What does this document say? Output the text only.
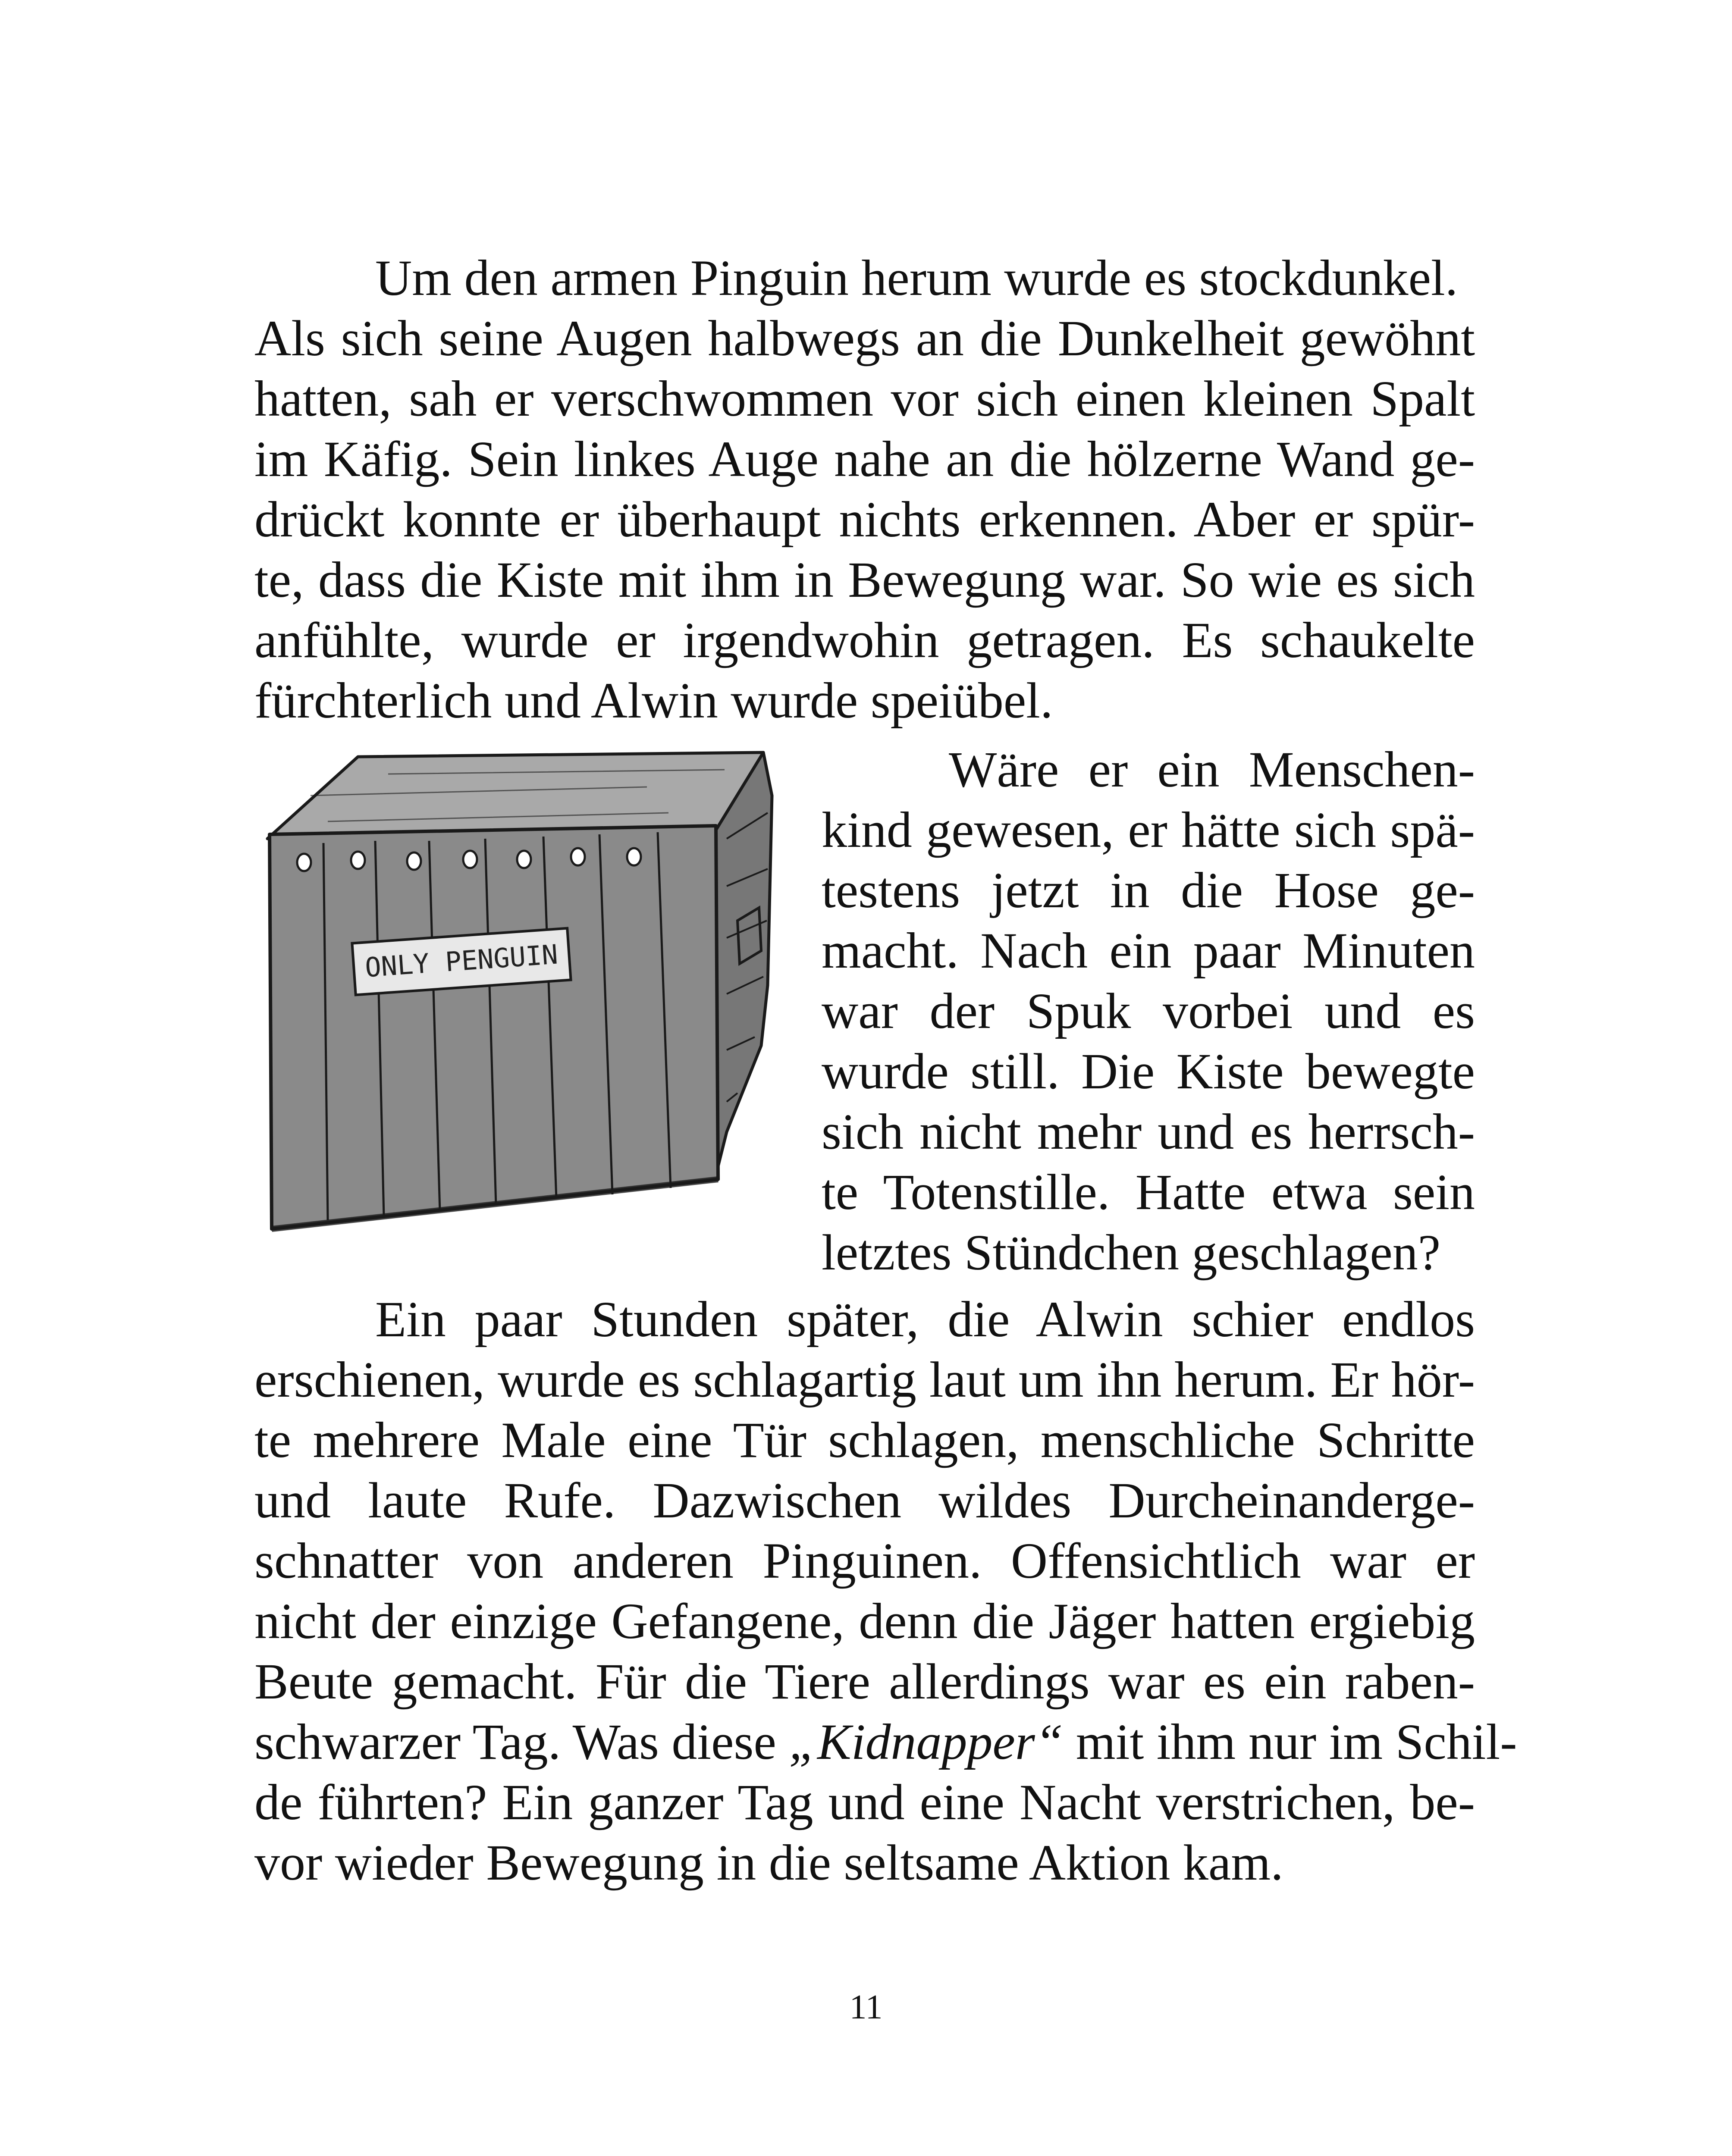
Um den armen Pinguin herum wurde es stockdunkel.
Als sich seine Augen halbwegs an die Dunkelheit gewöhnt
hatten, sah er verschwommen vor sich einen kleinen Spalt
im Käfig. Sein linkes Auge nahe an die hölzerne Wand ge-
drückt konnte er überhaupt nichts erkennen. Aber er spür-
te, dass die Kiste mit ihm in Bewegung war. So wie es sich
anfühlte, wurde er irgendwohin getragen. Es schaukelte
fürchterlich und Alwin wurde speiübel.
ONLY PENGUIN
Wäre er ein Menschen-
kind gewesen, er hätte sich spä-
testens jetzt in die Hose ge-
macht. Nach ein paar Minuten
war der Spuk vorbei und es
wurde still. Die Kiste bewegte
sich nicht mehr und es herrsch-
te Totenstille. Hatte etwa sein
letztes Stündchen geschlagen?
Ein paar Stunden später, die Alwin schier endlos
erschienen, wurde es schlagartig laut um ihn herum. Er hör-
te mehrere Male eine Tür schlagen, menschliche Schritte
und laute Rufe. Dazwischen wildes Durcheinanderge-
schnatter von anderen Pinguinen. Offensichtlich war er
nicht der einzige Gefangene, denn die Jäger hatten ergiebig
Beute gemacht. Für die Tiere allerdings war es ein raben-
schwarzer Tag. Was diese „Kidnapper“ mit ihm nur im Schil-
de führten? Ein ganzer Tag und eine Nacht verstrichen, be-
vor wieder Bewegung in die seltsame Aktion kam.
11
